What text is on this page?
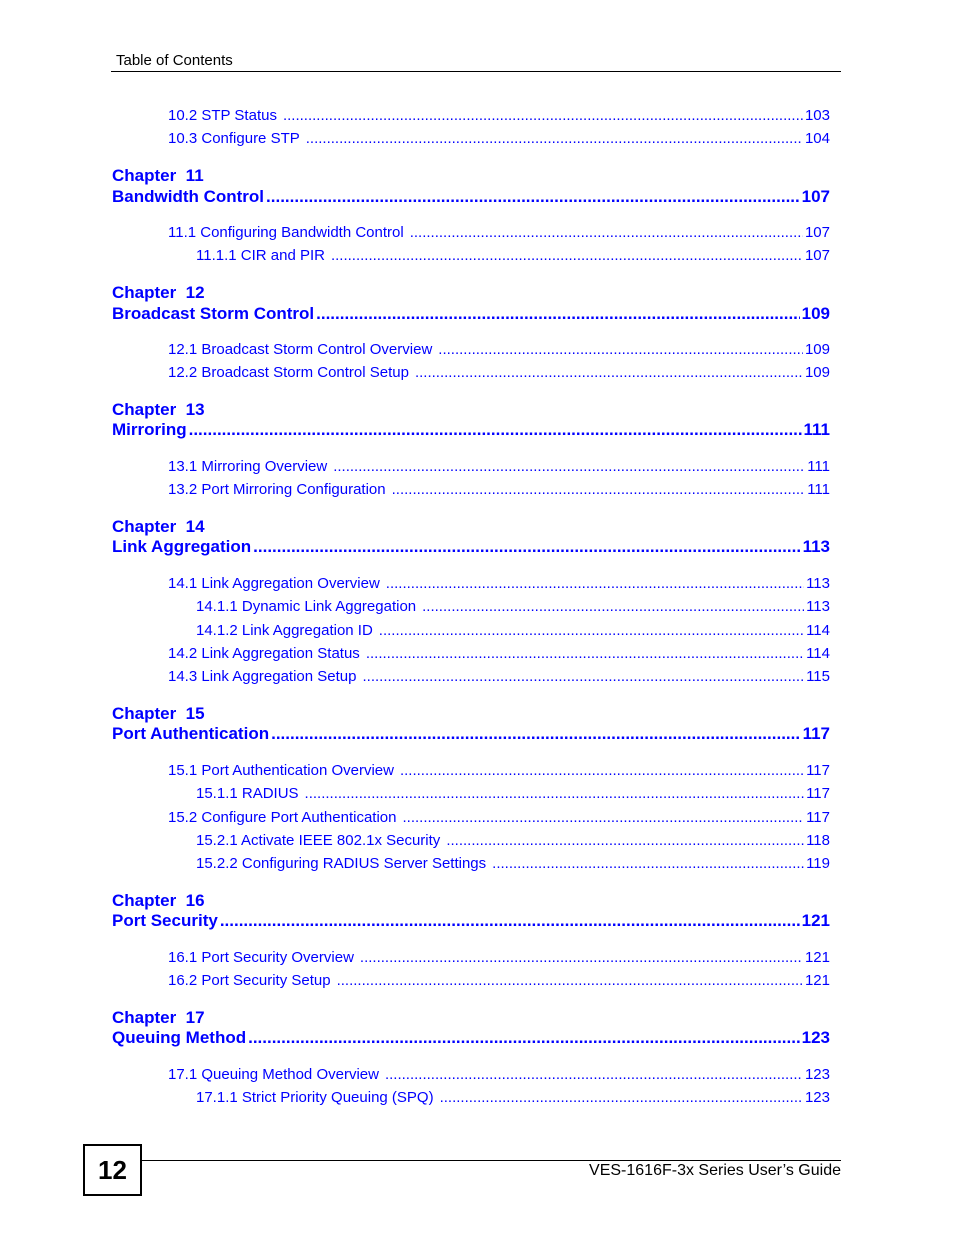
Table of Contents
10.2 STP Status .....	103
10.3 Configure STP .....	104
Chapter  11
Bandwidth Control .....	107
11.1 Configuring Bandwidth Control .....	107
11.1.1 CIR and PIR .....	107
Chapter  12
Broadcast Storm Control .....	109
12.1 Broadcast Storm Control Overview .....	109
12.2 Broadcast Storm Control Setup .....	109
Chapter  13
Mirroring .....	111
13.1 Mirroring Overview .....	111
13.2 Port Mirroring Configuration .....	111
Chapter  14
Link Aggregation .....	113
14.1 Link Aggregation Overview .....	113
14.1.1 Dynamic Link Aggregation .....	113
14.1.2 Link Aggregation ID .....	114
14.2 Link Aggregation Status .....	114
14.3 Link Aggregation Setup .....	115
Chapter  15
Port Authentication .....	117
15.1 Port Authentication Overview .....	117
15.1.1 RADIUS .....	117
15.2 Configure Port Authentication .....	117
15.2.1 Activate IEEE 802.1x Security .....	118
15.2.2 Configuring RADIUS Server Settings .....	119
Chapter  16
Port Security .....	121
16.1 Port Security Overview .....	121
16.2 Port Security Setup .....	121
Chapter  17
Queuing Method .....	123
17.1 Queuing Method Overview .....	123
17.1.1 Strict Priority Queuing (SPQ) .....	123
12	VES-1616F-3x Series User’s Guide
